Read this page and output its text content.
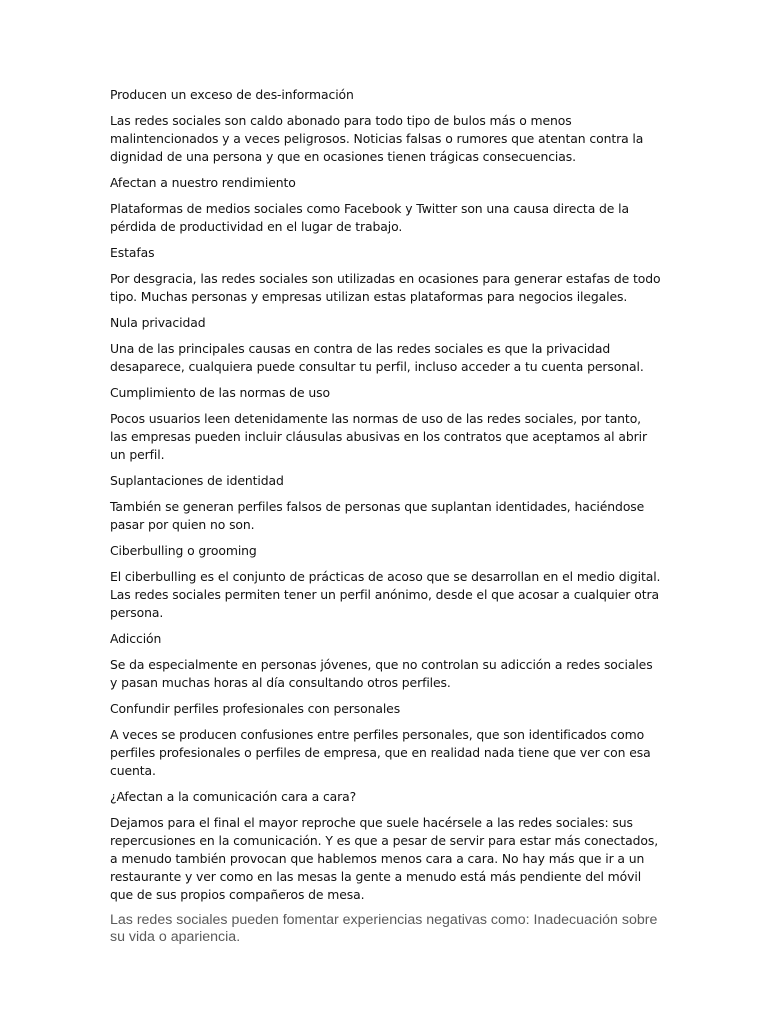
Producen un exceso de des-información

Las redes sociales son caldo abonado para todo tipo de bulos más o menos malintencionados y a veces peligrosos. Noticias falsas o rumores que atentan contra la dignidad de una persona y que en ocasiones tienen trágicas consecuencias.

Afectan a nuestro rendimiento

Plataformas de medios sociales como Facebook y Twitter son una causa directa de la pérdida de productividad en el lugar de trabajo.

Estafas

Por desgracia, las redes sociales son utilizadas en ocasiones para generar estafas de todo tipo. Muchas personas y empresas utilizan estas plataformas para negocios ilegales.

Nula privacidad

Una de las principales causas en contra de las redes sociales es que la privacidad desaparece, cualquiera puede consultar tu perfil, incluso acceder a tu cuenta personal.

Cumplimiento de las normas de uso

Pocos usuarios leen detenidamente las normas de uso de las redes sociales, por tanto, las empresas pueden incluir cláusulas abusivas en los contratos que aceptamos al abrir un perfil.

Suplantaciones de identidad

También se generan perfiles falsos de personas que suplantan identidades, haciéndose pasar por quien no son.

Ciberbulling o grooming

El ciberbulling es el conjunto de prácticas de acoso que se desarrollan en el medio digital. Las redes sociales permiten tener un perfil anónimo, desde el que acosar a cualquier otra persona.

Adicción

Se da especialmente en personas jóvenes, que no controlan su adicción a redes sociales y pasan muchas horas al día consultando otros perfiles.

Confundir perfiles profesionales con personales

A veces se producen confusiones entre perfiles personales, que son identificados como perfiles profesionales o perfiles de empresa, que en realidad nada tiene que ver con esa cuenta.

¿Afectan a la comunicación cara a cara?

Dejamos para el final el mayor reproche que suele hacérsele a las redes sociales: sus repercusiones en la comunicación. Y es que a pesar de servir para estar más conectados, a menudo también provocan que hablemos menos cara a cara. No hay más que ir a un restaurante y ver como en las mesas la gente a menudo está más pendiente del móvil que de sus propios compañeros de mesa.

Las redes sociales pueden fomentar experiencias negativas como: Inadecuación sobre su vida o apariencia.
